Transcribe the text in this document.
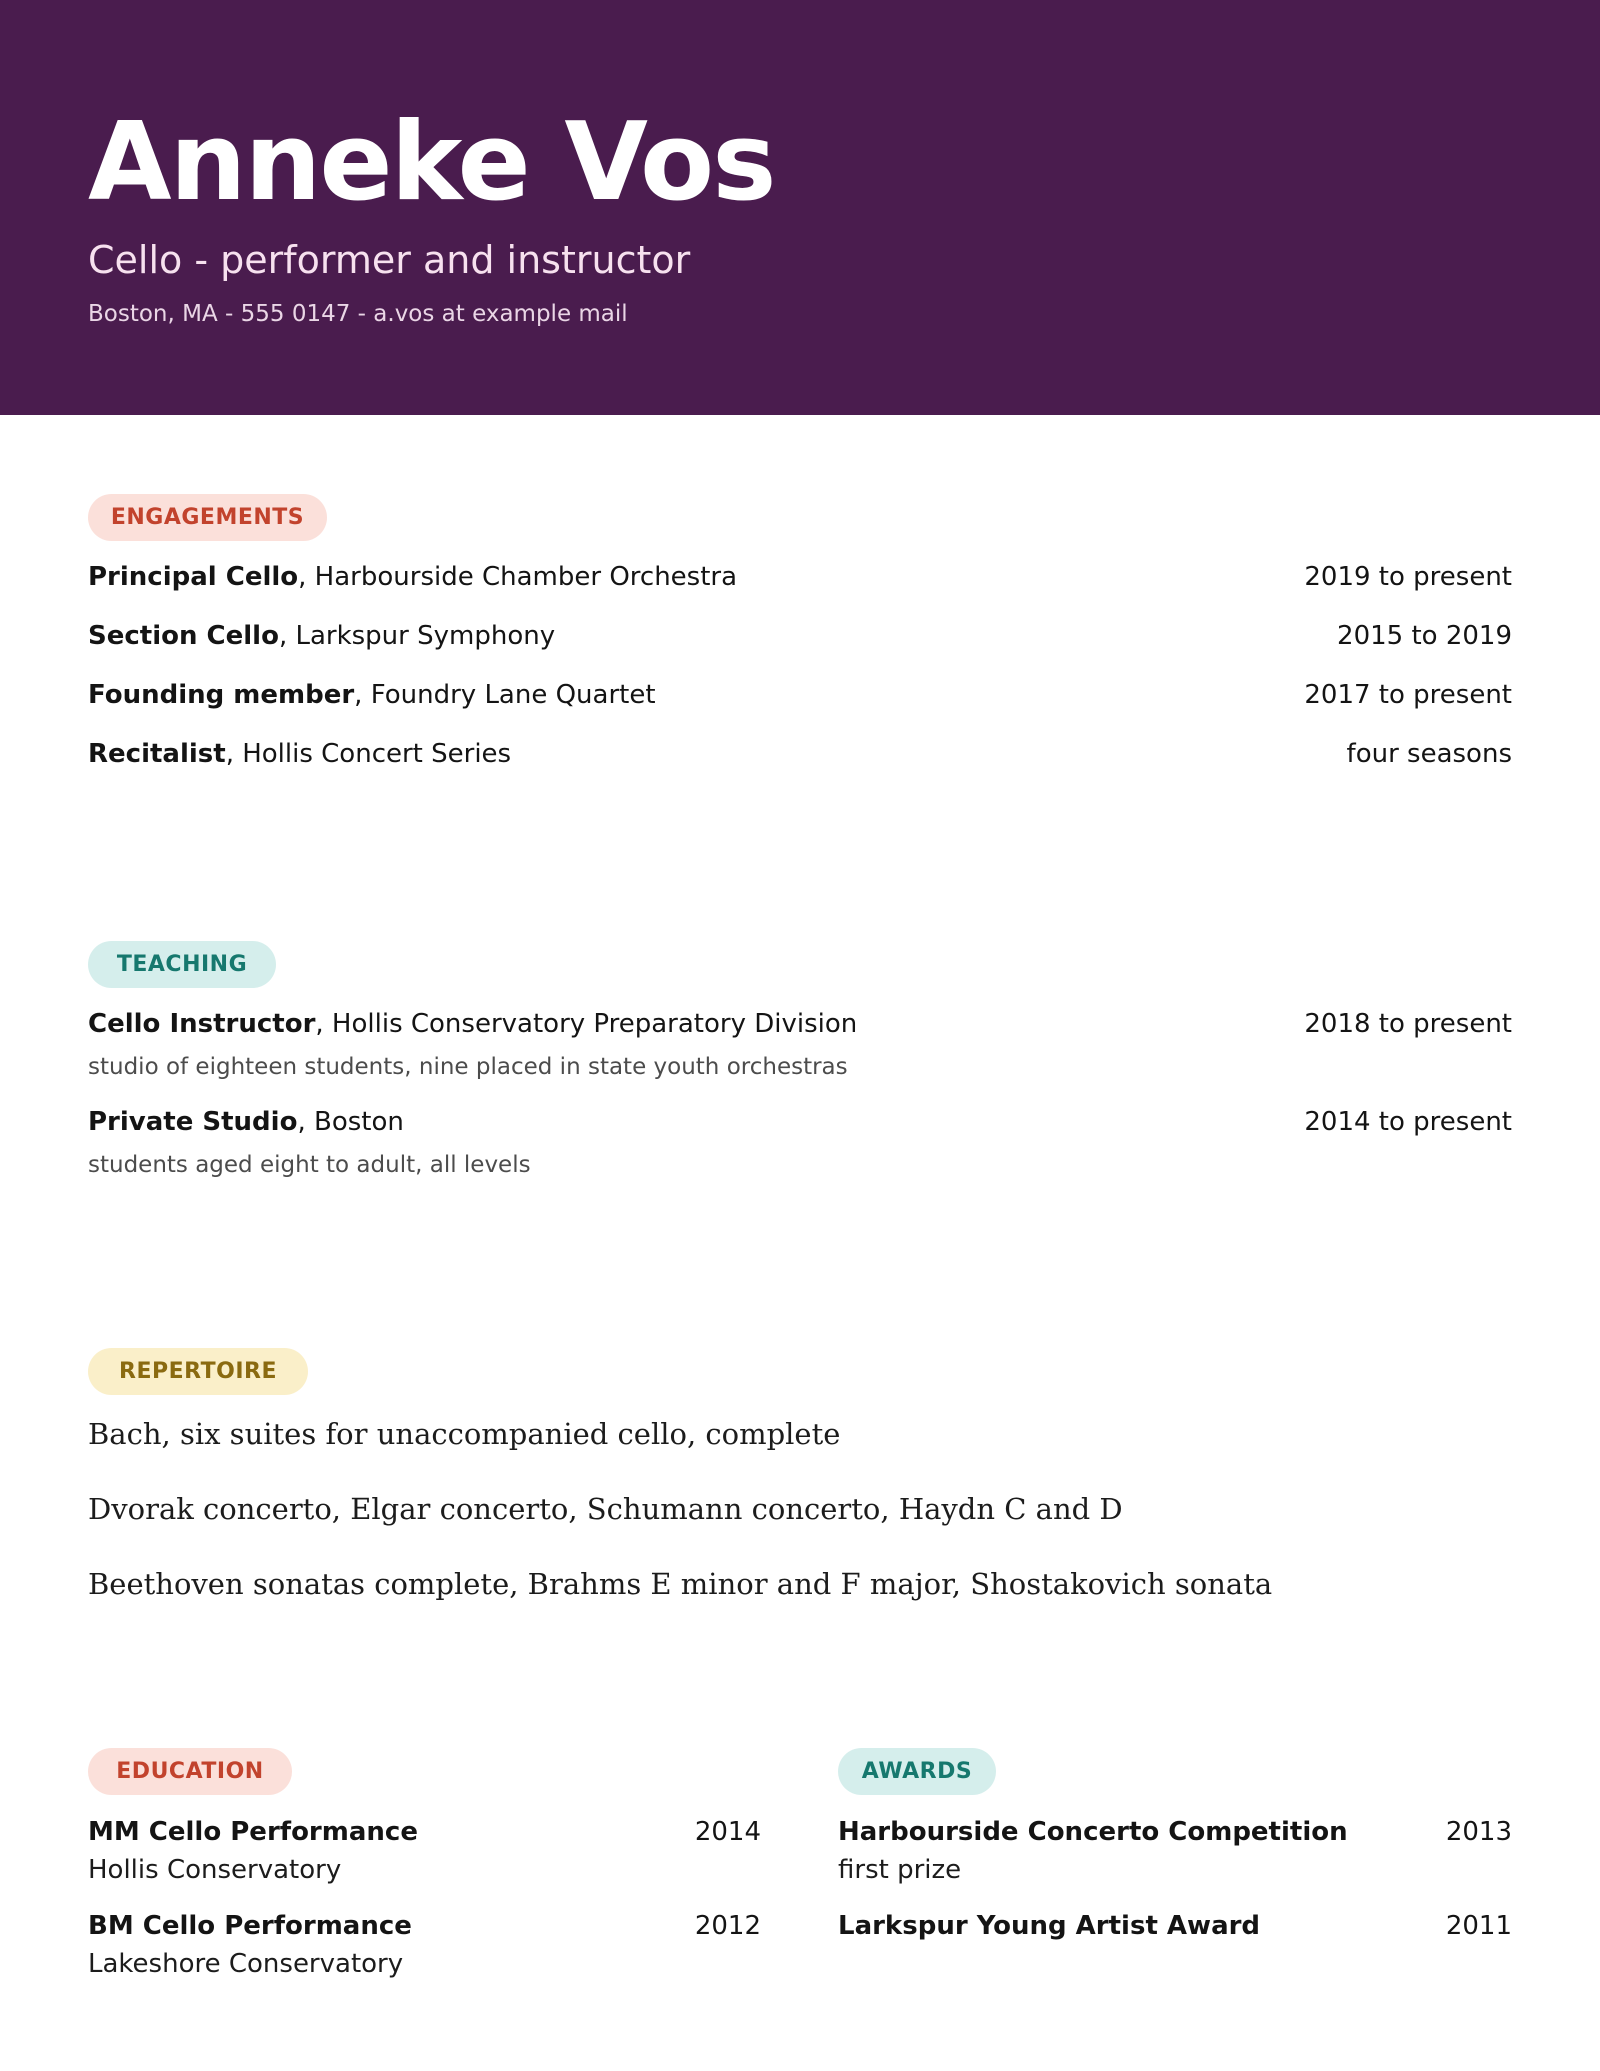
Anneke Vos
Cello - performer and instructor
Boston, MA - 555 0147 - a.vos at example mail
ENGAGEMENTS
Principal Cello, Harbourside Chamber Orchestra	2019 to present
Section Cello, Larkspur Symphony	2015 to 2019
Founding member, Foundry Lane Quartet	2017 to present
Recitalist, Hollis Concert Series	four seasons
TEACHING
Cello Instructor, Hollis Conservatory Preparatory Division	2018 to present
studio of eighteen students, nine placed in state youth orchestras
Private Studio, Boston	2014 to present
students aged eight to adult, all levels
REPERTOIRE
Bach, six suites for unaccompanied cello, complete
Dvorak concerto, Elgar concerto, Schumann concerto, Haydn C and D
Beethoven sonatas complete, Brahms E minor and F major, Shostakovich sonata
EDUCATION
MM Cello Performance	2014
Hollis Conservatory
BM Cello Performance	2012
Lakeshore Conservatory
AWARDS
Harbourside Concerto Competition	2013
first prize
Larkspur Young Artist Award	2011
